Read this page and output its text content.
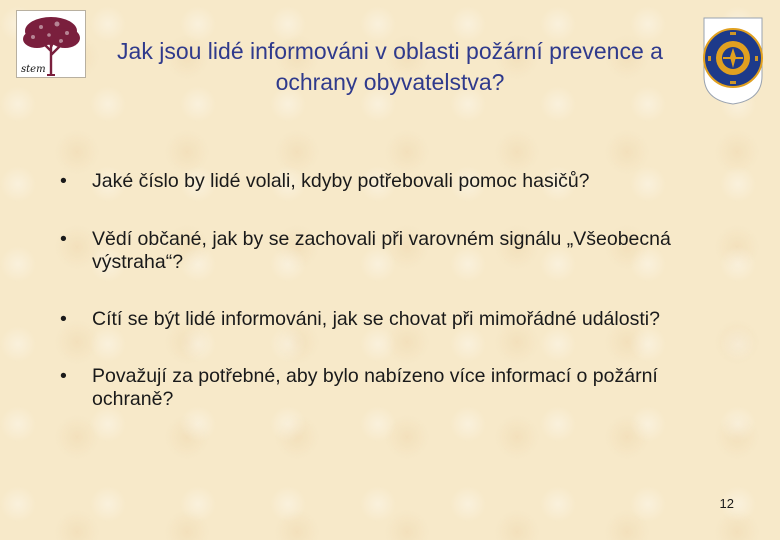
stem
Jak jsou lidé informováni v oblasti požární prevence a ochrany obyvatelstva?
•	Jaké číslo by lidé volali, kdyby potřebovali pomoc hasičů?
•	Vědí občané, jak by se zachovali při varovném signálu „Všeobecná výstraha“?
•	Cítí se být lidé informováni, jak se chovat při mimořádné události?
•	Považují za potřebné, aby bylo nabízeno více informací o požární ochraně?
12
